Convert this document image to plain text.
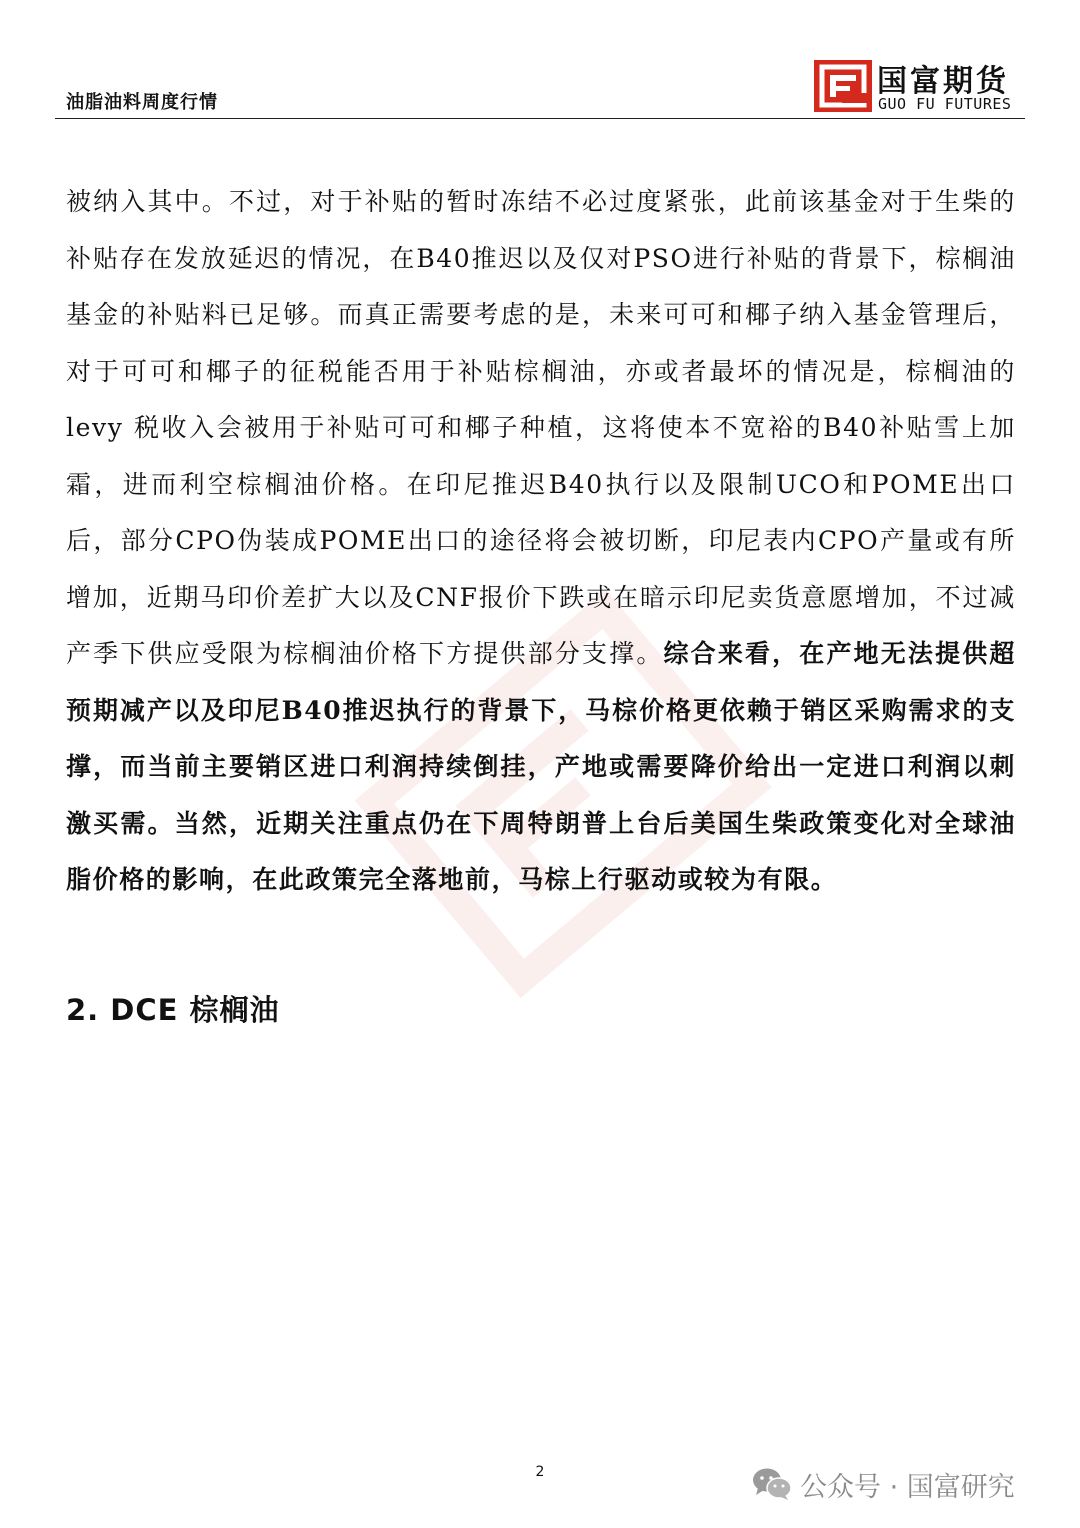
油脂油料周度行情
国富期货
GUO FU FUTURES

被纳入其中。不过，对于补贴的暂时冻结不必过度紧张，此前该基金对于生柴的补贴存在发放延迟的情况，在B40推迟以及仅对PSO进行补贴的背景下，棕榈油基金的补贴料已足够。而真正需要考虑的是，未来可可和椰子纳入基金管理后，对于可可和椰子的征税能否用于补贴棕榈油，亦或者最坏的情况是，棕榈油的 levy 税收入会被用于补贴可可和椰子种植，这将使本不宽裕的B40补贴雪上加霜，进而利空棕榈油价格。在印尼推迟B40执行以及限制UCO和POME出口后，部分CPO伪装成POME出口的途径将会被切断，印尼表内CPO产量或有所增加，近期马印价差扩大以及CNF报价下跌或在暗示印尼卖货意愿增加，不过减产季下供应受限为棕榈油价格下方提供部分支撑。综合来看，在产地无法提供超预期减产以及印尼B40推迟执行的背景下，马棕价格更依赖于销区采购需求的支撑，而当前主要销区进口利润持续倒挂，产地或需要降价给出一定进口利润以刺激买需。当然，近期关注重点仍在下周特朗普上台后美国生柴政策变化对全球油脂价格的影响，在此政策完全落地前，马棕上行驱动或较为有限。

2. DCE 棕榈油
2	公众号 · 国富研究
